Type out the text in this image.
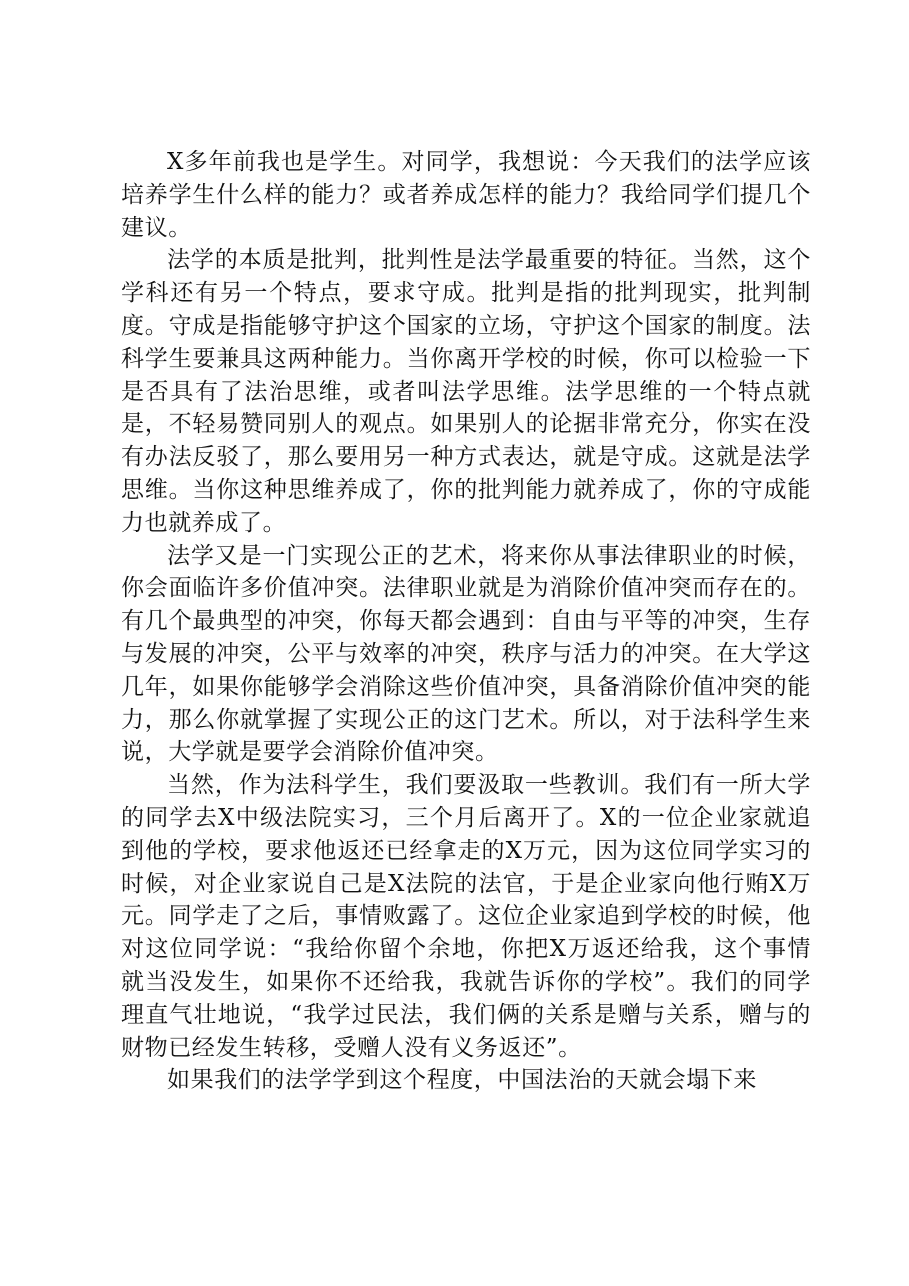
X多年前我也是学生。对同学，我想说：今天我们的法学应该培养学生什么样的能力？或者养成怎样的能力？我给同学们提几个建议。

法学的本质是批判，批判性是法学最重要的特征。当然，这个学科还有另一个特点，要求守成。批判是指的批判现实，批判制度。守成是指能够守护这个国家的立场，守护这个国家的制度。法科学生要兼具这两种能力。当你离开学校的时候，你可以检验一下是否具有了法治思维，或者叫法学思维。法学思维的一个特点就是，不轻易赞同别人的观点。如果别人的论据非常充分，你实在没有办法反驳了，那么要用另一种方式表达，就是守成。这就是法学思维。当你这种思维养成了，你的批判能力就养成了，你的守成能力也就养成了。

法学又是一门实现公正的艺术，将来你从事法律职业的时候，你会面临许多价值冲突。法律职业就是为消除价值冲突而存在的。有几个最典型的冲突，你每天都会遇到：自由与平等的冲突，生存与发展的冲突，公平与效率的冲突，秩序与活力的冲突。在大学这几年，如果你能够学会消除这些价值冲突，具备消除价值冲突的能力，那么你就掌握了实现公正的这门艺术。所以，对于法科学生来说，大学就是要学会消除价值冲突。

当然，作为法科学生，我们要汲取一些教训。我们有一所大学的同学去X中级法院实习，三个月后离开了。X的一位企业家就追到他的学校，要求他返还已经拿走的X万元，因为这位同学实习的时候，对企业家说自己是X法院的法官，于是企业家向他行贿X万元。同学走了之后，事情败露了。这位企业家追到学校的时候，他对这位同学说：“我给你留个余地，你把X万返还给我，这个事情就当没发生，如果你不还给我，我就告诉你的学校”。我们的同学理直气壮地说，“我学过民法，我们俩的关系是赠与关系，赠与的财物已经发生转移，受赠人没有义务返还”。

如果我们的法学学到这个程度，中国法治的天就会塌下来
